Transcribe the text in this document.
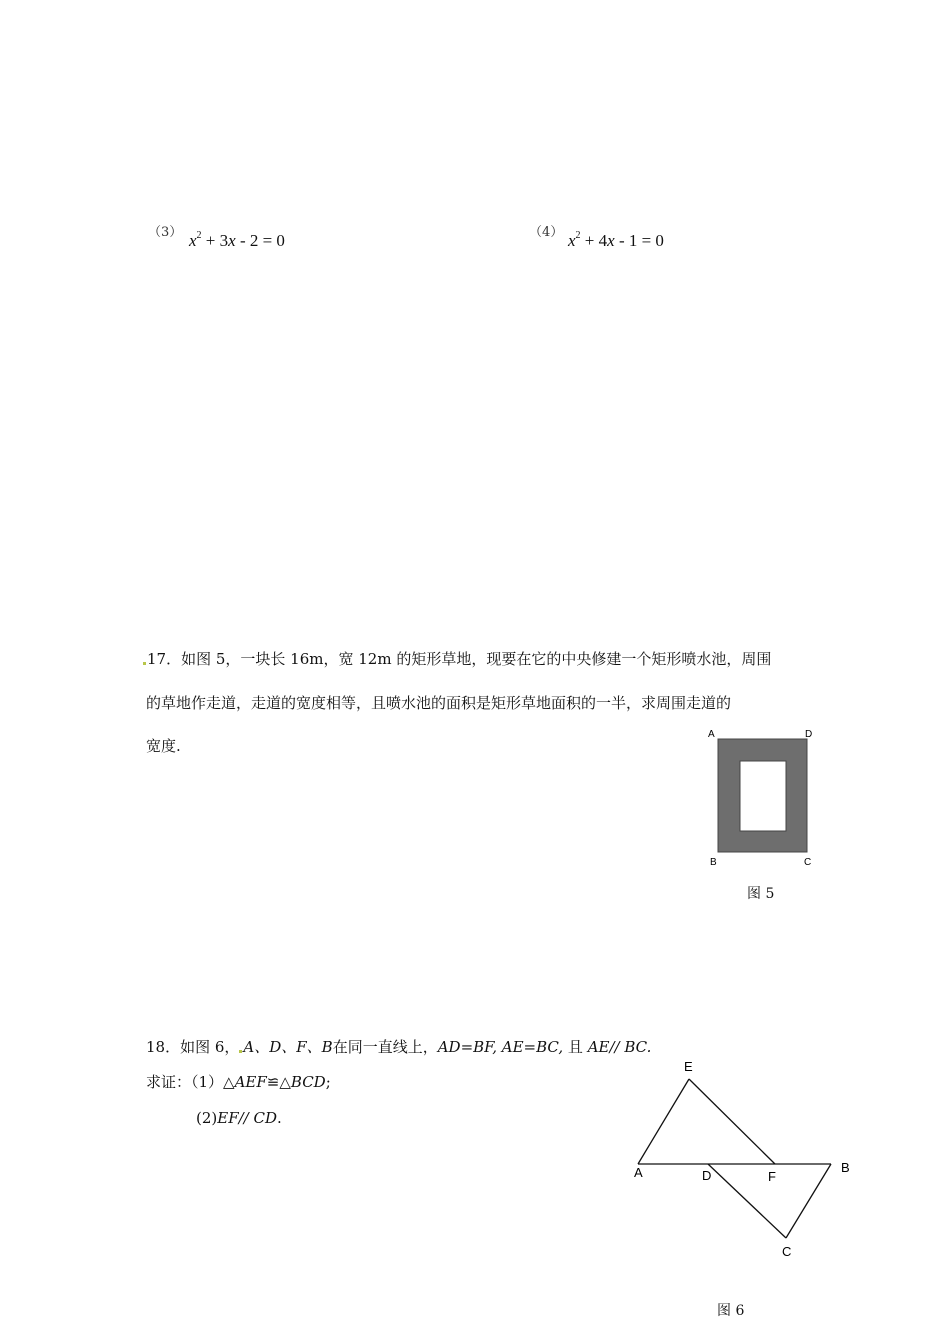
（3） $x^2 + 3x - 2 = 0$	（4） $x^2 + 4x - 1 = 0$
17．如图 5，一块长 16m，宽 12m 的矩形草地，现要在它的中央修建一个矩形喷水池，周围
的草地作走道，走道的宽度相等，且喷水池的面积是矩形草地面积的一半，求周围走道的
宽度.
A	D
B	C
图 5
18．如图 6， A、D、F、B在同一直线上，AD=BF, AE=BC, 且 AE// BC.
求证：（1）△AEF≌△BCD;
(2)EF// CD.
E
A	D	F
B
C
图 6
